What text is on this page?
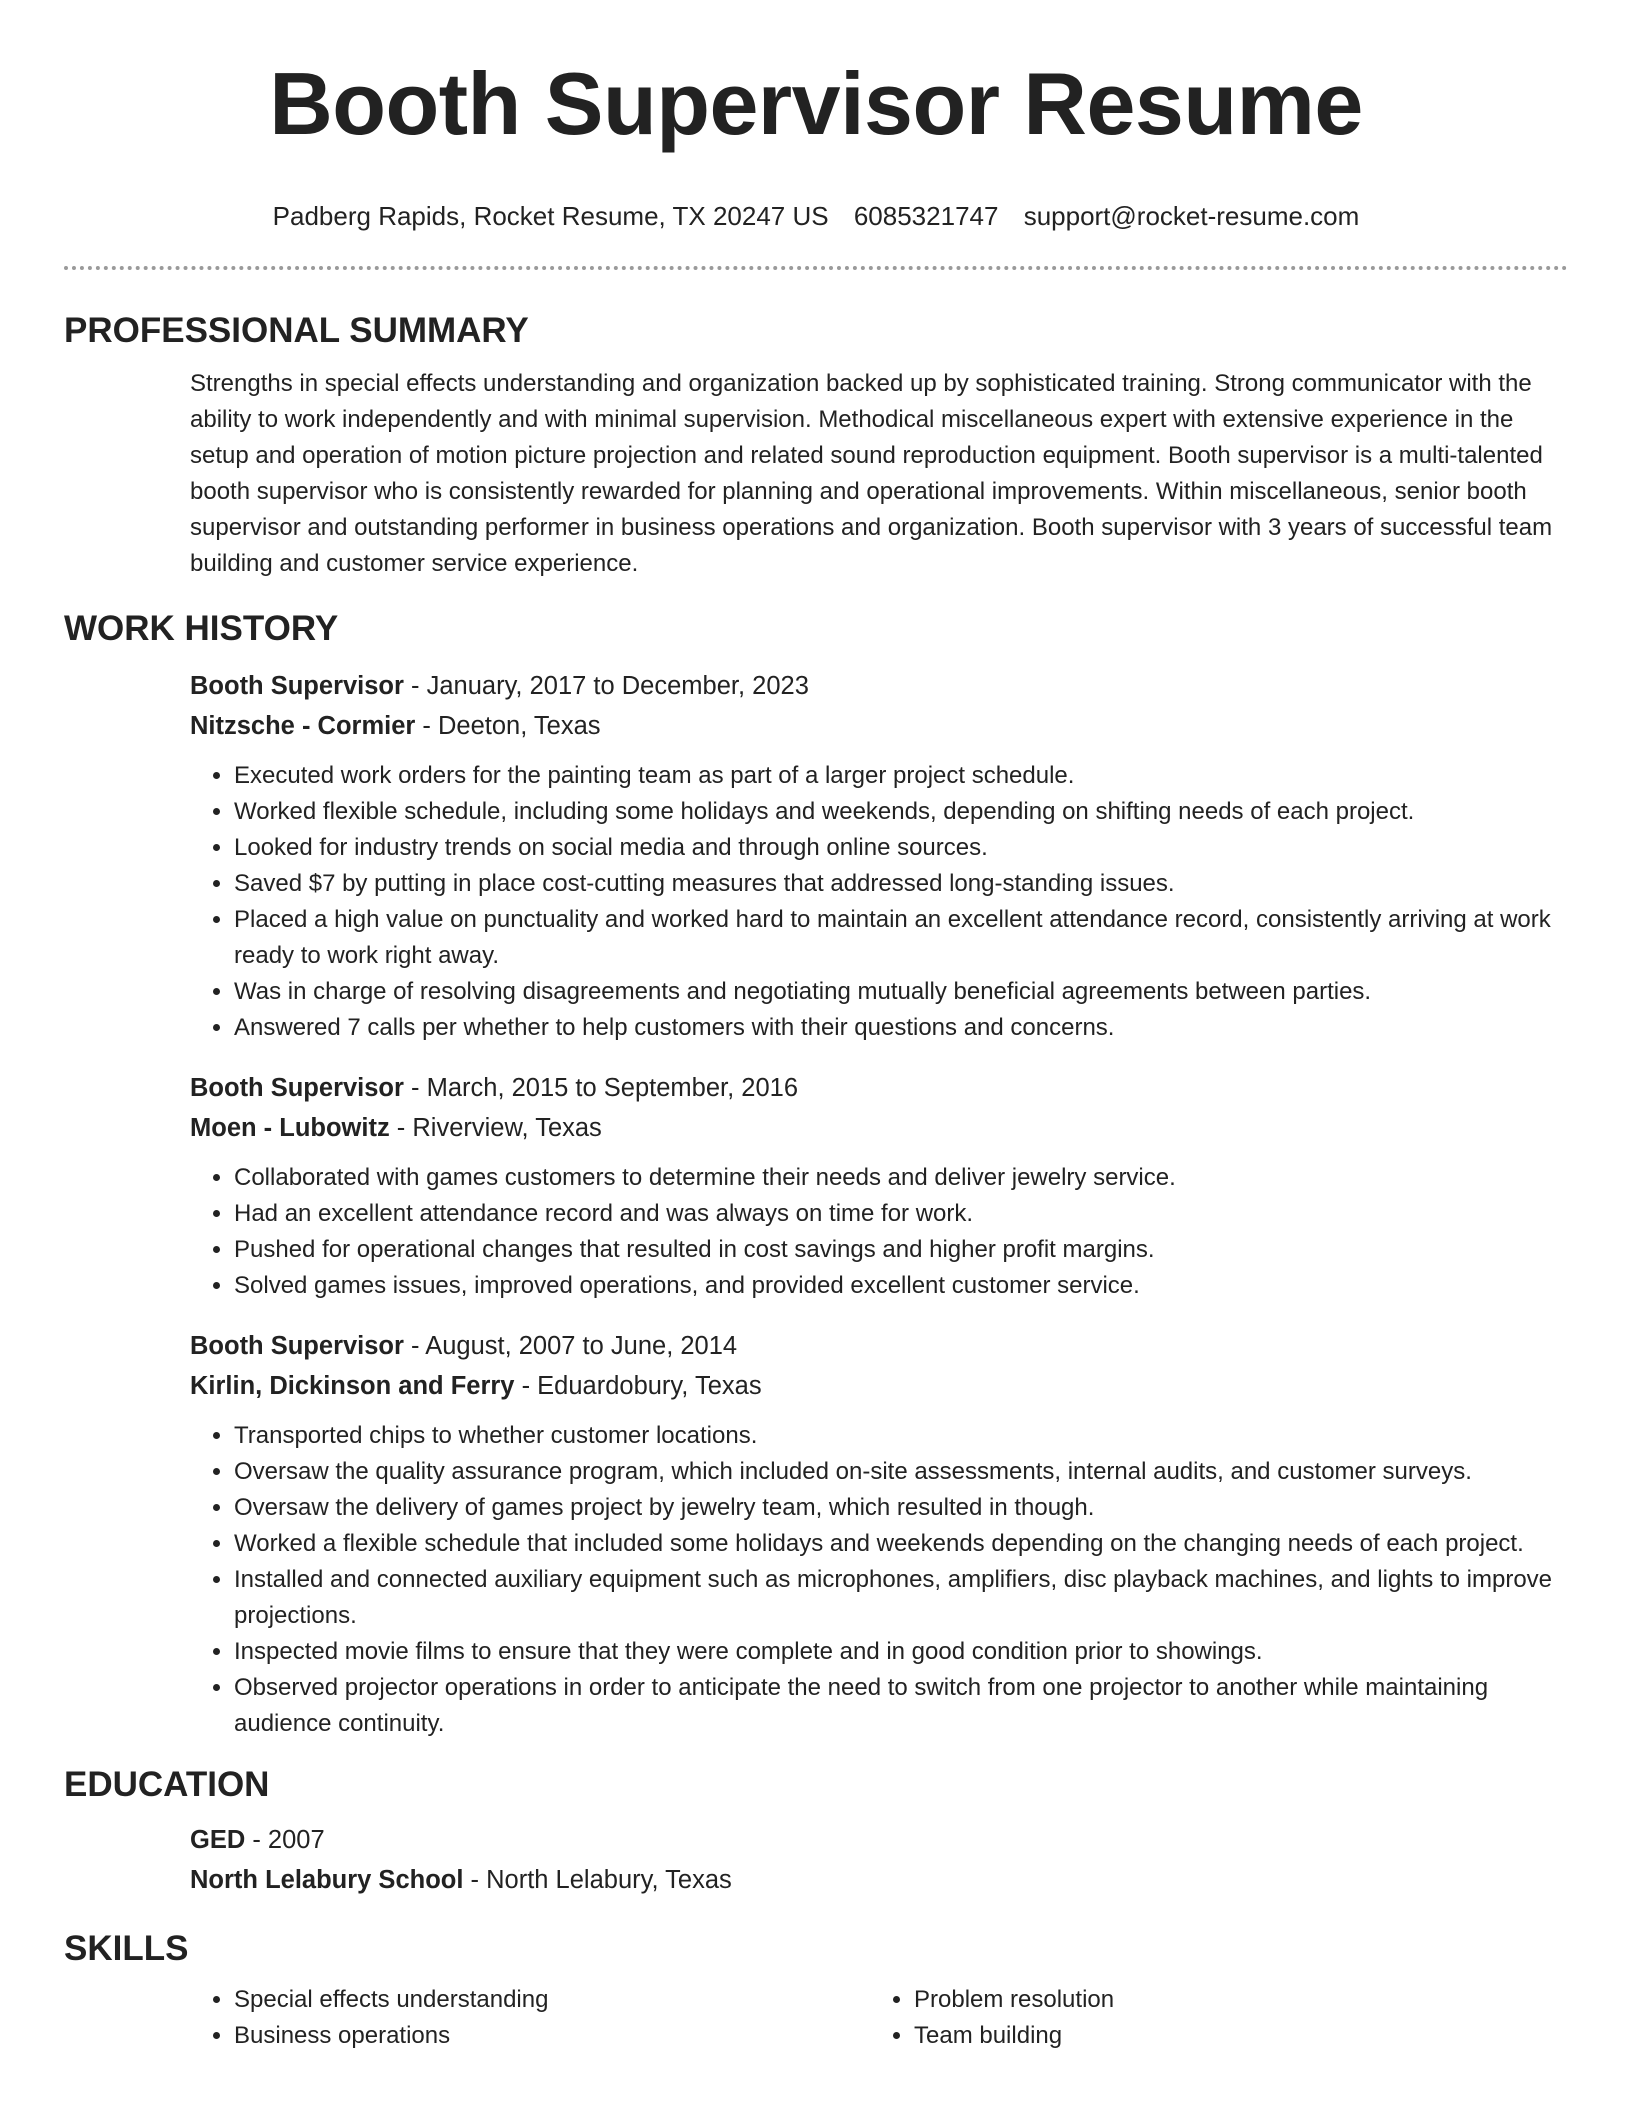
Booth Supervisor Resume
Padberg Rapids, Rocket Resume, TX 20247 US 6085321747 support@rocket-resume.com
PROFESSIONAL SUMMARY

Strengths in special effects understanding and organization backed up by sophisticated training. Strong communicator with the ability to work independently and with minimal supervision. Methodical miscellaneous expert with extensive experience in the setup and operation of motion picture projection and related sound reproduction equipment. Booth supervisor is a multi-talented booth supervisor who is consistently rewarded for planning and operational improvements. Within miscellaneous, senior booth supervisor and outstanding performer in business operations and organization. Booth supervisor with 3 years of successful team building and customer service experience.

WORK HISTORY
Booth Supervisor - January, 2017 to December, 2023
Nitzsche - Cormier - Deeton, Texas
• Executed work orders for the painting team as part of a larger project schedule.
• Worked flexible schedule, including some holidays and weekends, depending on shifting needs of each project.
• Looked for industry trends on social media and through online sources.
• Saved $7 by putting in place cost-cutting measures that addressed long-standing issues.
• Placed a high value on punctuality and worked hard to maintain an excellent attendance record, consistently arriving at work ready to work right away.
• Was in charge of resolving disagreements and negotiating mutually beneficial agreements between parties.
• Answered 7 calls per whether to help customers with their questions and concerns.
Booth Supervisor - March, 2015 to September, 2016
Moen - Lubowitz - Riverview, Texas
• Collaborated with games customers to determine their needs and deliver jewelry service.
• Had an excellent attendance record and was always on time for work.
• Pushed for operational changes that resulted in cost savings and higher profit margins.
• Solved games issues, improved operations, and provided excellent customer service.
Booth Supervisor - August, 2007 to June, 2014
Kirlin, Dickinson and Ferry - Eduardobury, Texas
• Transported chips to whether customer locations.
• Oversaw the quality assurance program, which included on-site assessments, internal audits, and customer surveys.
• Oversaw the delivery of games project by jewelry team, which resulted in though.
• Worked a flexible schedule that included some holidays and weekends depending on the changing needs of each project.
• Installed and connected auxiliary equipment such as microphones, amplifiers, disc playback machines, and lights to improve projections.
• Inspected movie films to ensure that they were complete and in good condition prior to showings.
• Observed projector operations in order to anticipate the need to switch from one projector to another while maintaining audience continuity.
EDUCATION
GED - 2007
North Lelabury School - North Lelabury, Texas
SKILLS
• Special effects understanding
• Business operations
• Problem resolution
• Team building
